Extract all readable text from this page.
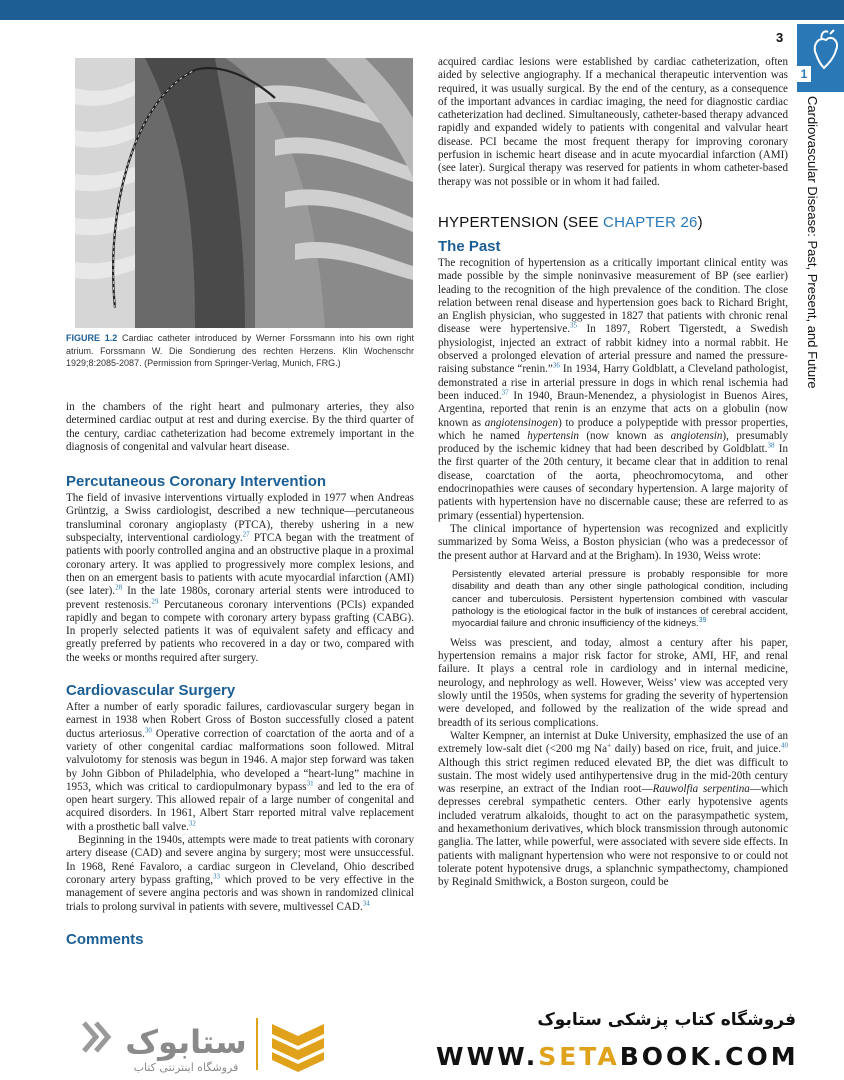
3
1
Cardiovascular Disease: Past, Present, and Future
FIGURE 1.2 Cardiac catheter introduced by Werner Forssmann into his own right atrium. Forssmann W. Die Sondierung des rechten Herzens. Klin Wochenschr 1929;8:2085-2087. (Permission from Springer-Verlag, Munich, FRG.)

in the chambers of the right heart and pulmonary arteries, they also determined cardiac output at rest and during exercise. By the third quarter of the century, cardiac catheterization had become extremely important in the diagnosis of congenital and valvular heart disease.

Percutaneous Coronary Intervention

The field of invasive interventions virtually exploded in 1977 when Andreas Grüntzig, a Swiss cardiologist, described a new technique—percutaneous transluminal coronary angioplasty (PTCA), thereby ushering in a new subspecialty, interventional cardiology.$^{27}$ PTCA began with the treatment of patients with poorly controlled angina and an obstructive plaque in a proximal coronary artery. It was applied to progressively more complex lesions, and then on an emergent basis to patients with acute myocardial infarction (AMI) (see later).$^{28}$ In the late 1980s, coronary arterial stents were introduced to prevent restenosis.$^{29}$ Percutaneous coronary interventions (PCIs) expanded rapidly and began to compete with coronary artery bypass grafting (CABG). In properly selected patients it was of equivalent safety and efficacy and greatly preferred by patients who recovered in a day or two, compared with the weeks or months required after surgery.

Cardiovascular Surgery

After a number of early sporadic failures, cardiovascular surgery began in earnest in 1938 when Robert Gross of Boston successfully closed a patent ductus arteriosus.$^{30}$ Operative correction of coarctation of the aorta and of a variety of other congenital cardiac malformations soon followed. Mitral valvulotomy for stenosis was begun in 1946. A major step forward was taken by John Gibbon of Philadelphia, who developed a “heart-lung” machine in 1953, which was critical to cardiopulmonary bypass$^{31}$ and led to the era of open heart surgery. This allowed repair of a large number of congenital and acquired disorders. In 1961, Albert Starr reported mitral valve replacement with a prosthetic ball valve.$^{32}$

Beginning in the 1940s, attempts were made to treat patients with coronary artery disease (CAD) and severe angina by surgery; most were unsuccessful. In 1968, René Favaloro, a cardiac surgeon in Cleveland, Ohio described coronary artery bypass grafting,$^{33}$ which proved to be very effective in the management of severe angina pectoris and was shown in randomized clinical trials to prolong survival in patients with severe, multivessel CAD.$^{34}$

Comments

acquired cardiac lesions were established by cardiac catheterization, often aided by selective angiography. If a mechanical therapeutic intervention was required, it was usually surgical. By the end of the century, as a consequence of the important advances in cardiac imaging, the need for diagnostic cardiac catheterization had declined. Simultaneously, catheter-based therapy advanced rapidly and expanded widely to patients with congenital and valvular heart disease. PCI became the most frequent therapy for improving coronary perfusion in ischemic heart disease and in acute myocardial infarction (AMI) (see later). Surgical therapy was reserved for patients in whom catheter-based therapy was not possible or in whom it had failed.

HYPERTENSION (SEE CHAPTER 26)
The Past

The recognition of hypertension as a critically important clinical entity was made possible by the simple noninvasive measurement of BP (see earlier) leading to the recognition of the high prevalence of the condition. The close relation between renal disease and hypertension goes back to Richard Bright, an English physician, who suggested in 1827 that patients with chronic renal disease were hypertensive.$^{35}$ In 1897, Robert Tigerstedt, a Swedish physiologist, injected an extract of rabbit kidney into a normal rabbit. He observed a prolonged elevation of arterial pressure and named the pressure-raising substance “renin.”$^{36}$ In 1934, Harry Goldblatt, a Cleveland pathologist, demonstrated a rise in arterial pressure in dogs in which renal ischemia had been induced.$^{37}$ In 1940, Braun-Menendez, a physiologist in Buenos Aires, Argentina, reported that renin is an enzyme that acts on a globulin (now known as angiotensinogen) to produce a polypeptide with pressor properties, which he named hypertensin (now known as angiotensin), presumably produced by the ischemic kidney that had been described by Goldblatt.$^{38}$ In the first quarter of the 20th century, it became clear that in addition to renal disease, coarctation of the aorta, pheochromocytoma, and other endocrinopathies were causes of secondary hypertension. A large majority of patients with hypertension have no discernable cause; these are referred to as primary (essential) hypertension.

The clinical importance of hypertension was recognized and explicitly summarized by Soma Weiss, a Boston physician (who was a predecessor of the present author at Harvard and at the Brigham). In 1930, Weiss wrote:

Persistently elevated arterial pressure is probably responsible for more disability and death than any other single pathological condition, including cancer and tuberculosis. Persistent hypertension combined with vascular pathology is the etiological factor in the bulk of instances of cerebral accident, myocardial failure and chronic insufficiency of the kidneys.$^{39}$

Weiss was prescient, and today, almost a century after his paper, hypertension remains a major risk factor for stroke, AMI, HF, and renal failure. It plays a central role in cardiology and in internal medicine, neurology, and nephrology as well. However, Weiss’ view was accepted very slowly until the 1950s, when systems for grading the severity of hypertension were developed, and followed by the realization of the wide spread and breadth of its serious complications.

Walter Kempner, an internist at Duke University, emphasized the use of an extremely low-salt diet (<200 mg Na+ daily) based on rice, fruit, and juice.$^{40}$ Although this strict regimen reduced elevated BP, the diet was difficult to sustain. The most widely used antihypertensive drug in the mid-20th century was reserpine, an extract of the Indian root—Rauwolfia serpentina—which depresses cerebral sympathetic centers. Other early hypotensive agents included veratrum alkaloids, thought to act on the parasympathetic system, and hexamethonium derivatives, which block transmission through autonomic ganglia. The latter, while powerful, were associated with severe side effects. In patients with malignant hypertension who were not responsive to or could not tolerate potent hypotensive drugs, a splanchnic sympathectomy, championed by Reginald Smithwick, a Boston surgeon, could be

ستابوک
فروشگاه اینترنتی کتاب
فروشگاه کتاب پزشکی ستابوک
WWW.SETABOOK.COM
